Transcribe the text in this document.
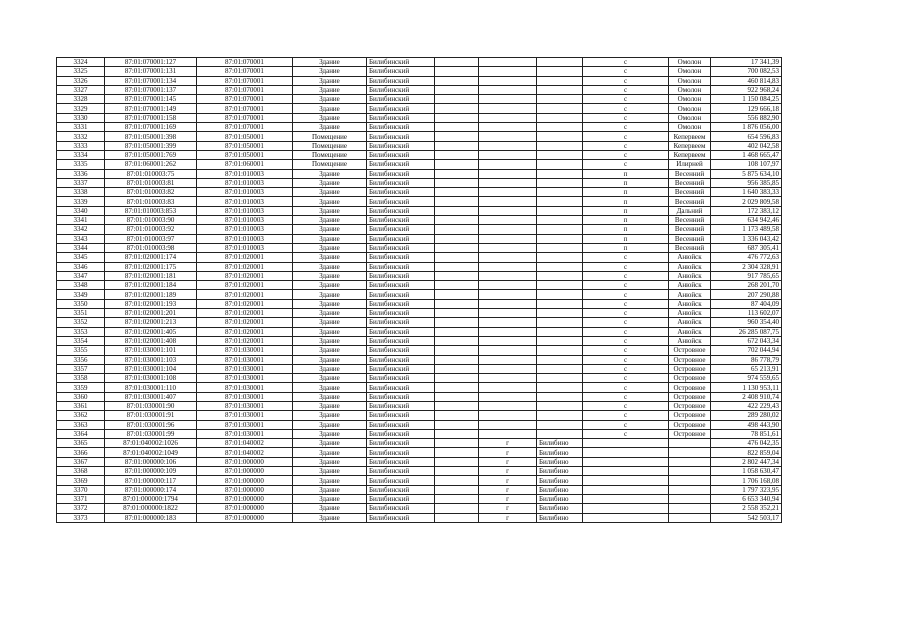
3324	87:01:070001:127	87:01:070001	Здание	Билибинский				с	Омолон	17 341,39
3325	87:01:070001:131	87:01:070001	Здание	Билибинский				с	Омолон	700 082,53
3326	87:01:070001:134	87:01:070001	Здание	Билибинский				с	Омолон	460 814,83
3327	87:01:070001:137	87:01:070001	Здание	Билибинский				с	Омолон	922 968,24
3328	87:01:070001:145	87:01:070001	Здание	Билибинский				с	Омолон	1 150 084,25
3329	87:01:070001:149	87:01:070001	Здание	Билибинский				с	Омолон	129 666,18
3330	87:01:070001:158	87:01:070001	Здание	Билибинский				с	Омолон	556 882,90
3331	87:01:070001:169	87:01:070001	Здание	Билибинский				с	Омолон	1 876 056,00
3332	87:01:050001:398	87:01:050001	Помещение	Билибинский				с	Кепервеем	654 596,83
3333	87:01:050001:399	87:01:050001	Помещение	Билибинский				с	Кепервеем	402 042,58
3334	87:01:050001:769	87:01:050001	Помещение	Билибинский				с	Кепервеем	1 468 665,47
3335	87:01:060001:262	87:01:060001	Помещение	Билибинский				с	Илирней	108 107,97
3336	87:01:010003:75	87:01:010003	Здание	Билибинский				п	Весенний	5 875 634,10
3337	87:01:010003:81	87:01:010003	Здание	Билибинский				п	Весенний	956 385,85
3338	87:01:010003:82	87:01:010003	Здание	Билибинский				п	Весенний	1 640 383,33
3339	87:01:010003:83	87:01:010003	Здание	Билибинский				п	Весенний	2 029 809,58
3340	87:01:010003:853	87:01:010003	Здание	Билибинский				п	Дальний	172 383,12
3341	87:01:010003:90	87:01:010003	Здание	Билибинский				п	Весенний	634 942,46
3342	87:01:010003:92	87:01:010003	Здание	Билибинский				п	Весенний	1 173 489,58
3343	87:01:010003:97	87:01:010003	Здание	Билибинский				п	Весенний	1 336 043,42
3344	87:01:010003:98	87:01:010003	Здание	Билибинский				п	Весенний	687 305,41
3345	87:01:020001:174	87:01:020001	Здание	Билибинский				с	Анюйск	476 772,63
3346	87:01:020001:175	87:01:020001	Здание	Билибинский				с	Анюйск	2 304 328,91
3347	87:01:020001:181	87:01:020001	Здание	Билибинский				с	Анюйск	917 785,65
3348	87:01:020001:184	87:01:020001	Здание	Билибинский				с	Анюйск	268 201,70
3349	87:01:020001:189	87:01:020001	Здание	Билибинский				с	Анюйск	207 290,88
3350	87:01:020001:193	87:01:020001	Здание	Билибинский				с	Анюйск	87 404,09
3351	87:01:020001:201	87:01:020001	Здание	Билибинский				с	Анюйск	113 602,07
3352	87:01:020001:213	87:01:020001	Здание	Билибинский				с	Анюйск	960 354,40
3353	87:01:020001:405	87:01:020001	Здание	Билибинский				с	Анюйск	26 285 087,75
3354	87:01:020001:408	87:01:020001	Здание	Билибинский				с	Анюйск	672 043,34
3355	87:01:030001:101	87:01:030001	Здание	Билибинский				с	Островное	702 044,94
3356	87:01:030001:103	87:01:030001	Здание	Билибинский				с	Островное	86 778,79
3357	87:01:030001:104	87:01:030001	Здание	Билибинский				с	Островное	65 213,91
3358	87:01:030001:108	87:01:030001	Здание	Билибинский				с	Островное	974 559,65
3359	87:01:030001:110	87:01:030001	Здание	Билибинский				с	Островное	1 130 953,11
3360	87:01:030001:407	87:01:030001	Здание	Билибинский				с	Островное	2 408 910,74
3361	87:01:030001:90	87:01:030001	Здание	Билибинский				с	Островное	422 229,43
3362	87:01:030001:91	87:01:030001	Здание	Билибинский				с	Островное	289 280,02
3363	87:01:030001:96	87:01:030001	Здание	Билибинский				с	Островное	498 443,90
3364	87:01:030001:99	87:01:030001	Здание	Билибинский				с	Островное	78 851,61
3365	87:01:040002:1026	87:01:040002	Здание	Билибинский		г	Билибино			476 042,35
3366	87:01:040002:1049	87:01:040002	Здание	Билибинский		г	Билибино			822 859,04
3367	87:01:000000:106	87:01:000000	Здание	Билибинский		г	Билибино			2 802 447,34
3368	87:01:000000:109	87:01:000000	Здание	Билибинский		г	Билибино			1 058 630,47
3369	87:01:000000:117	87:01:000000	Здание	Билибинский		г	Билибино			1 706 168,08
3370	87:01:000000:174	87:01:000000	Здание	Билибинский		г	Билибино			1 797 323,95
3371	87:01:000000:1794	87:01:000000	Здание	Билибинский		г	Билибино			6 653 340,94
3372	87:01:000000:1822	87:01:000000	Здание	Билибинский		г	Билибино			2 558 352,21
3373	87:01:000000:183	87:01:000000	Здание	Билибинский		г	Билибино			542 503,17
